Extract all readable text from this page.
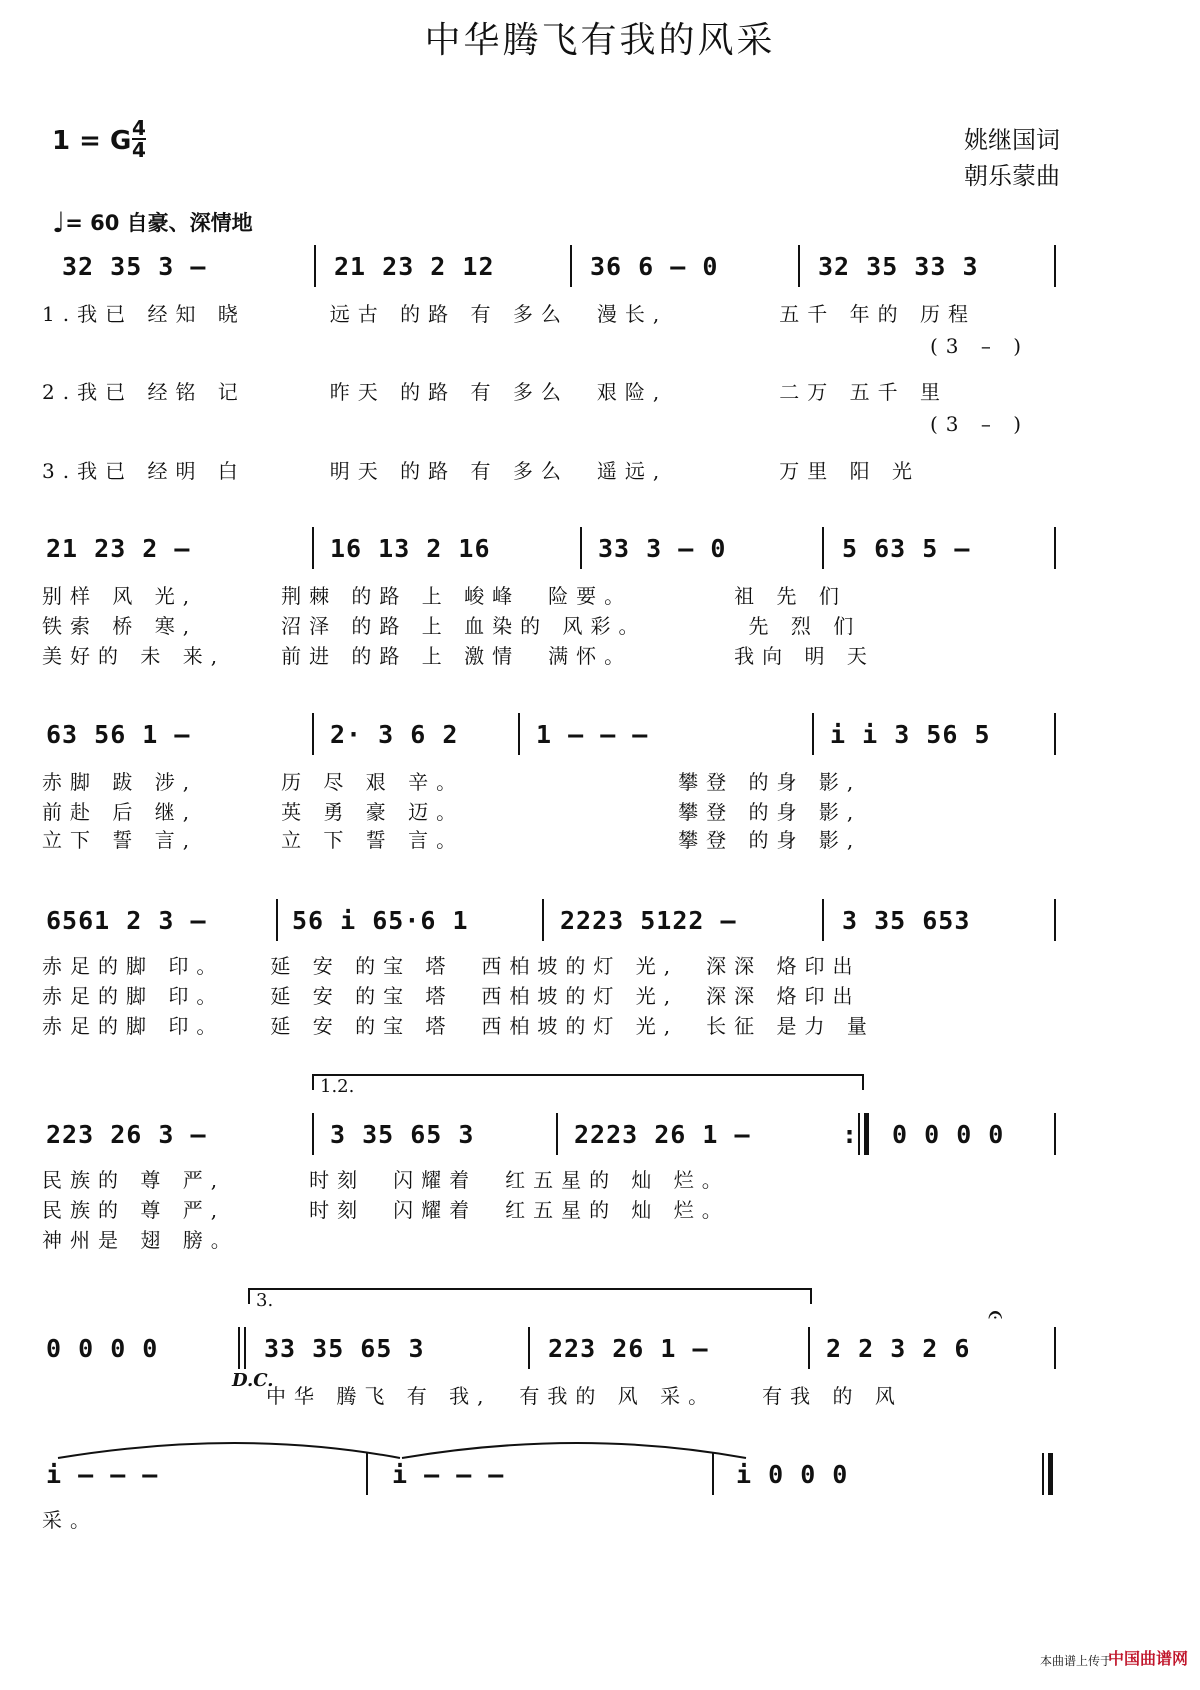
中华腾飞有我的风采
1 = G 4
4	姚继国词
朝乐蒙曲
♩= 60 自豪、深情地
32 35 3 –	21 23 2 12	36 6 – 0	32 35 33 3
1.我已 经知 晓　　　远古 的路 有 多么　漫长,　　　　五千 年的 历程
(3 – )
2.我已 经铭 记　　　昨天 的路 有 多么　艰险,　　　　二万 五千 里
(3 – )
3.我已 经明 白　　　明天 的路 有 多么　遥远,　　　　万里 阳 光
21 23 2 –	16 13 2 16	33 3 – 0	5 63 5 –
别样 风 光,　　　荆棘 的路 上 峻峰　险要。　　　　祖 先 们
铁索 桥 寒,　　　沼泽 的路 上 血染的 风彩。　　　　先 烈 们
美好的 未 来,　　前进 的路 上 激情　满怀。　　　　我向 明 天
63 56 1 –	2· 3 6 2	1 – – –	i i 3 56 5
赤脚 跋 涉,　　　历 尽 艰 辛。　　　　　　　　攀登 的身 影,
前赴 后 继,　　　英 勇 豪 迈。　　　　　　　　攀登 的身 影,
立下 誓 言,　　　立 下 誓 言。　　　　　　　　攀登 的身 影,
6561 2 3 –	56 i 65·6 1	2223 5122 –	3 35 653
赤足的脚 印。　　延 安 的宝 塔　西柏坡的灯 光,　深深 烙印出
赤足的脚 印。　　延 安 的宝 塔　西柏坡的灯 光,　深深 烙印出
赤足的脚 印。　　延 安 的宝 塔　西柏坡的灯 光,　长征 是力 量
1.2.
223 26 3 –	3 35 65 3	2223 26 1 –	: 0 0 0 0
民族的 尊 严,　　　时刻　闪耀着　红五星的 灿 烂。
民族的 尊 严,　　　时刻　闪耀着　红五星的 灿 烂。
神州是 翅 膀。
3.
0 0 0 0	33 35 65 3	223 26 1 –	2 2 3 2 6
𝄐
D.C.
中华 腾飞 有 我,　有我的 风 采。　　有我 的 风
i – – –	i – – –	i 0 0 0
采。
本曲谱上传于
中国曲谱网
